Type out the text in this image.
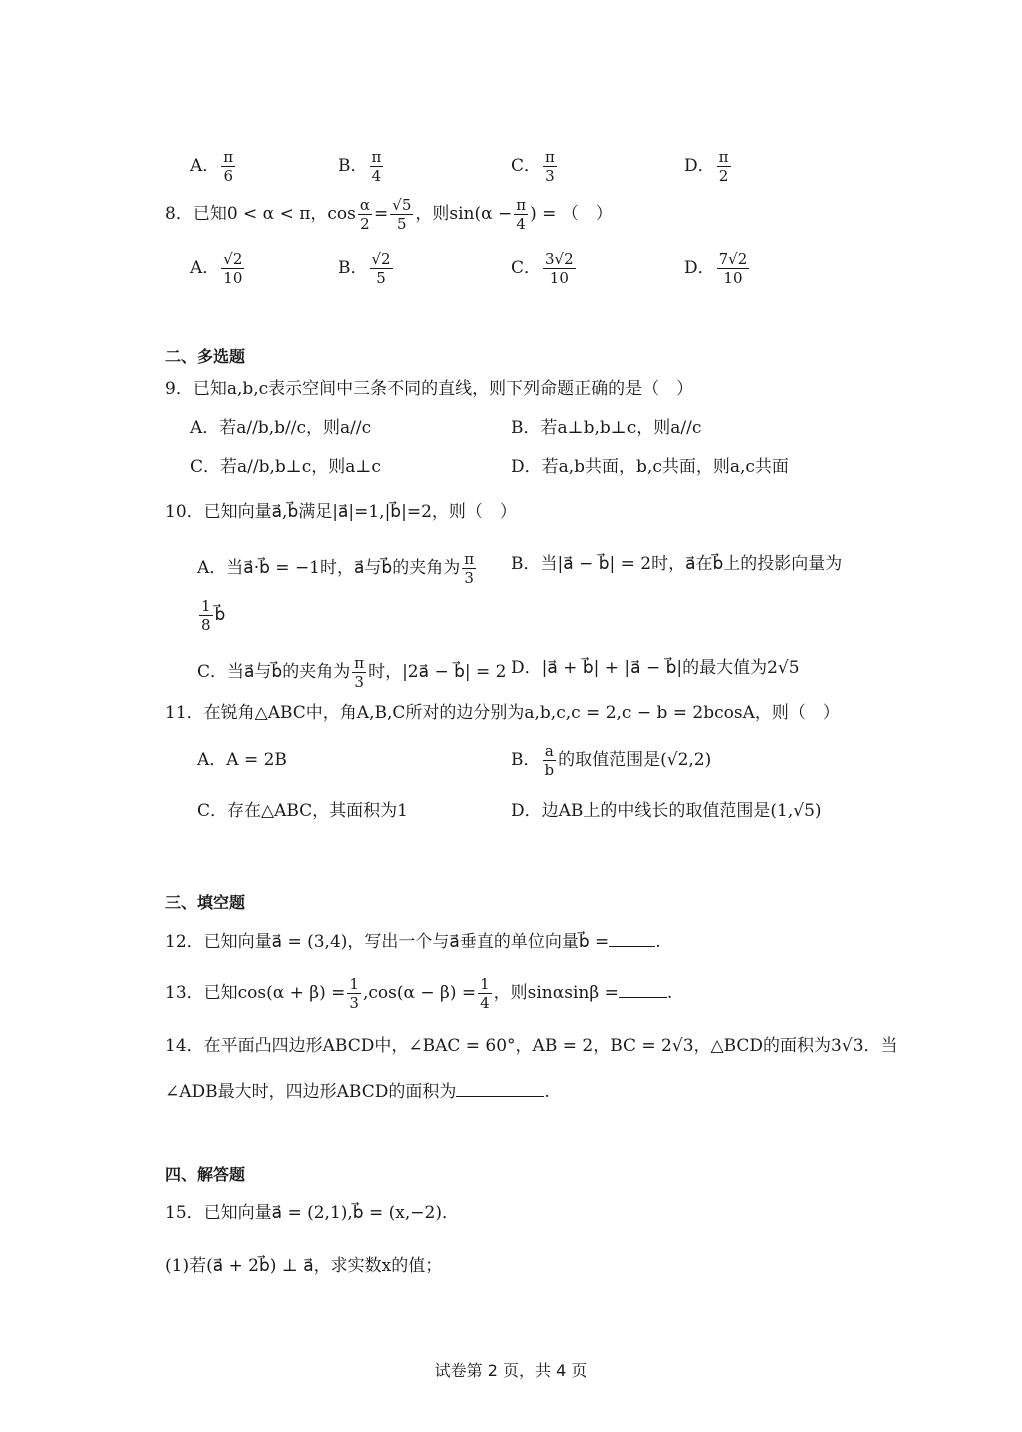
A． $\frac{\pi}{6}$	B． $\frac{\pi}{4}$	C． $\frac{\pi}{3}$	D． $\frac{\pi}{2}$
8．已知0 < α < π，$\cos \frac{\alpha}{2} = \frac{√5}{5}$ ，则$\sin(\alpha - \frac{\pi}{4}$ ) = （　）
A． $\frac{√2}{10}$	B． $\frac{√2}{5}$	C． $\frac{3√2}{10}$	D． $\frac{7√2}{10}$
二、多选题
9．已知a,b,c表示空间中三条不同的直线，则下列命题正确的是（　）
A．若a//b,b//c，则a//c	B．若a⊥b,b⊥c，则a//c
C．若a//b,b⊥c，则a⊥c	D．若a,b共面，b,c共面，则a,c共面
10．已知向量a⃗,b⃗满足|a⃗|=1,|b⃗|=2，则（　）
A．当a⃗·b⃗ = −1时，a⃗与b⃗的夹角为 $\frac{\pi}{3}$ B．当|a⃗ − b⃗| = 2时，a⃗在b⃗上的投影向量为
$\frac{1}{8}$ b⃗
C．当a⃗与b⃗的夹角为 $\frac{\pi}{3}$ 时，|2a⃗ − b⃗| = 2 D．|a⃗ + b⃗| + |a⃗ − b⃗|的最大值为2√5
11．在锐角△ABC中，角A,B,C所对的边分别为a,b,c,c = 2,c − b = 2bcosA，则（　）
A．A = 2B	B． $\frac{a}{b}$ 的取值范围是(√2,2)
C．存在△ABC，其面积为1	D．边AB上的中线长的取值范围是(1,√5)
三、填空题
12．已知向量a⃗ = (3,4)，写出一个与a⃗垂直的单位向量b⃗ =	.
13．已知$\cos(\alpha + \beta) = \frac{1}{3} ,\cos(\alpha - \beta) = \frac{1}{4}$ ，则sinαsinβ =	.
14．在平面凸四边形ABCD中，∠BAC = 60°，AB = 2，BC = 2√3，△BCD的面积为3√3．当
∠ADB最大时，四边形ABCD的面积为	.
四、解答题
15．已知向量a⃗ = (2,1),b⃗ = (x,−2)．
(1)若(a⃗ + 2b⃗) ⊥ a⃗，求实数x的值；
试卷第 2 页，共 4 页
